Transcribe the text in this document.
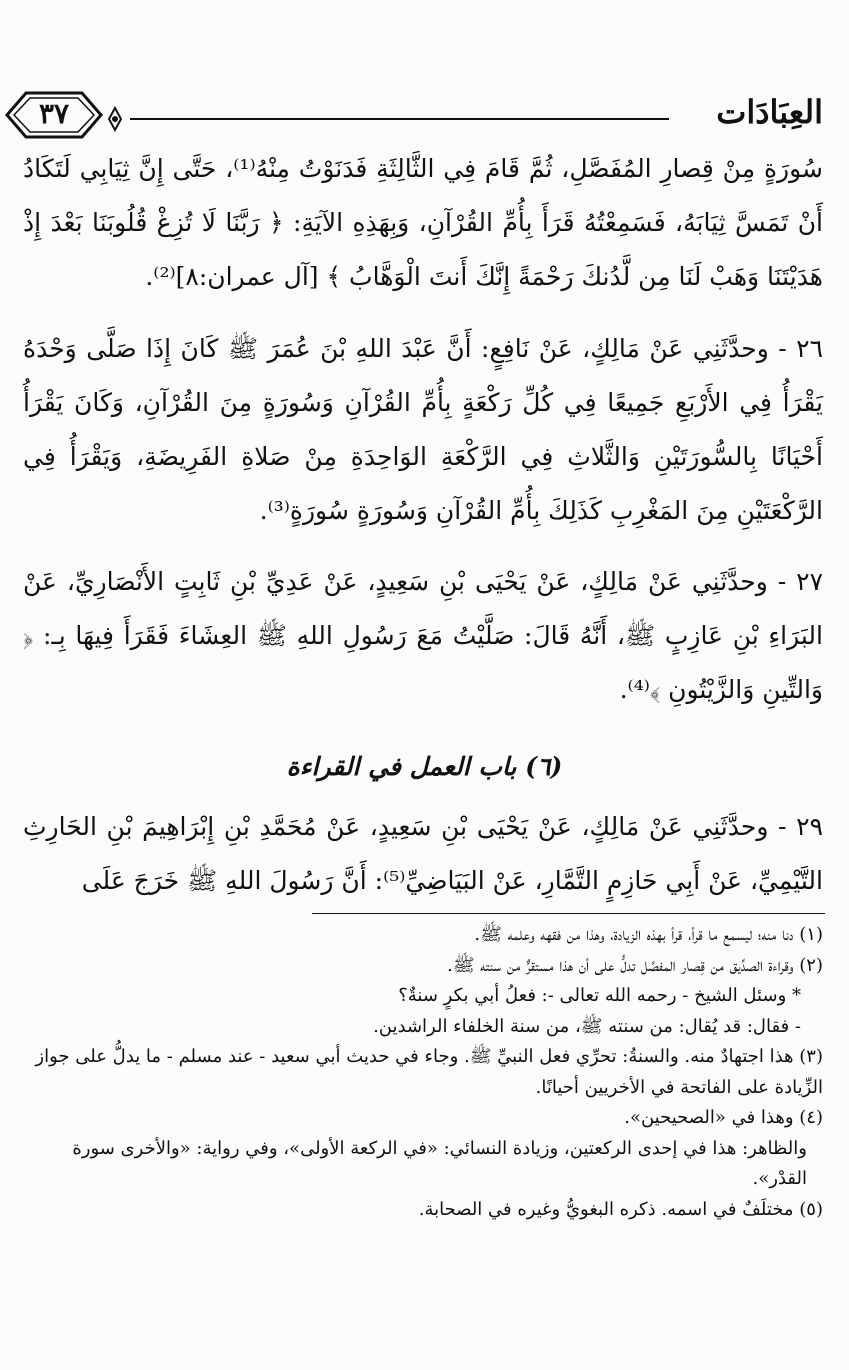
العِبَادَات
٣٧

سُورَةٍ مِنْ قِصارِ المُفَصَّلِ، ثُمَّ قَامَ فِي الثَّالِثَةِ فَدَنَوْتُ مِنْهُ⁽¹⁾، حَتَّى إِنَّ ثِيَابِي لَتَكَادُ أَنْ تَمَسَّ ثِيَابَهُ، فَسَمِعْتُهُ قَرَأَ بِأُمِّ القُرْآنِ، وَبِهَذِهِ الآيَةِ: ﴿ رَبَّنَا لَا تُزِغْ قُلُوبَنَا بَعْدَ إِذْ هَدَيْتَنَا وَهَبْ لَنَا مِن لَّدُنكَ رَحْمَةً إِنَّكَ أَنتَ الْوَهَّابُ ﴾ [آل عمران:٨]⁽²⁾.

٢٦ - وحدَّثَنِي عَنْ مَالِكٍ، عَنْ نَافِعٍ: أَنَّ عَبْدَ اللهِ بْنَ عُمَرَ ﷺ كَانَ إِذَا صَلَّى وَحْدَهُ يَقْرَأُ فِي الأَرْبَعِ جَمِيعًا فِي كُلِّ رَكْعَةٍ بِأُمِّ القُرْآنِ وَسُورَةٍ مِنَ القُرْآنِ، وَكَانَ يَقْرَأُ أَحْيَانًا بِالسُّورَتَيْنِ وَالثَّلاثِ فِي الرَّكْعَةِ الوَاحِدَةِ مِنْ صَلاةِ الفَرِيضَةِ، وَيَقْرَأُ فِي الرَّكْعَتَيْنِ مِنَ المَغْرِبِ كَذَلِكَ بِأُمِّ القُرْآنِ وَسُورَةٍ سُورَةٍ⁽³⁾.

٢٧ - وحدَّثَنِي عَنْ مَالِكٍ، عَنْ يَحْيَى بْنِ سَعِيدٍ، عَنْ عَدِيِّ بْنِ ثَابِتٍ الأَنْصَارِيِّ، عَنْ البَرَاءِ بْنِ عَازِبٍ ﷺ، أَنَّهُ قَالَ: صَلَّيْتُ مَعَ رَسُولِ اللهِ ﷺ العِشَاءَ فَقَرَأَ فِيهَا بِـ: ﴿ وَالتِّينِ وَالزَّيْتُونِ ﴾⁽⁴⁾.

(٦) باب العمل في القراءة

٢٩ - وحدَّثَنِي عَنْ مَالِكٍ، عَنْ يَحْيَى بْنِ سَعِيدٍ، عَنْ مُحَمَّدِ بْنِ إِبْرَاهِيمَ بْنِ الحَارِثِ التَّيْمِيِّ، عَنْ أَبِي حَازِمٍ التَّمَّارِ، عَنْ البَيَاضِيِّ⁽⁵⁾: أَنَّ رَسُولَ اللهِ ﷺ خَرَجَ عَلَى

(١) دنا منه؛ ليسمع ما قرأ، قرأ بهذه الزيادة، وهذا من فقهه وعلمه ﷺ.

(٢) وقراءة الصدِّيق من قِصار المفصَّل تدلُّ على أن هذا مستقرٌّ من سنته ﷺ.

* وسئل الشيخ - رحمه الله تعالى -: فعلُ أبي بكرٍ سنةٌ؟

- فقال: قد يُقال: من سنته ﷺ، من سنة الخلفاء الراشدين.

(٣) هذا اجتهادٌ منه. والسنةُ: تحرِّي فعل النبيِّ ﷺ. وجاء في حديث أبي سعيد - عند مسلم - ما يدلُّ على جواز الزِّيادة على الفاتحة في الأخريين أحيانًا.

(٤) وهذا في «الصحيحين».

والظاهر: هذا في إحدى الركعتين، وزيادة النسائي: «في الركعة الأولى»، وفي رواية: «والأخرى سورة القدْر».

(٥) مختلَفٌ في اسمه. ذكره البغويُّ وغيره في الصحابة.
